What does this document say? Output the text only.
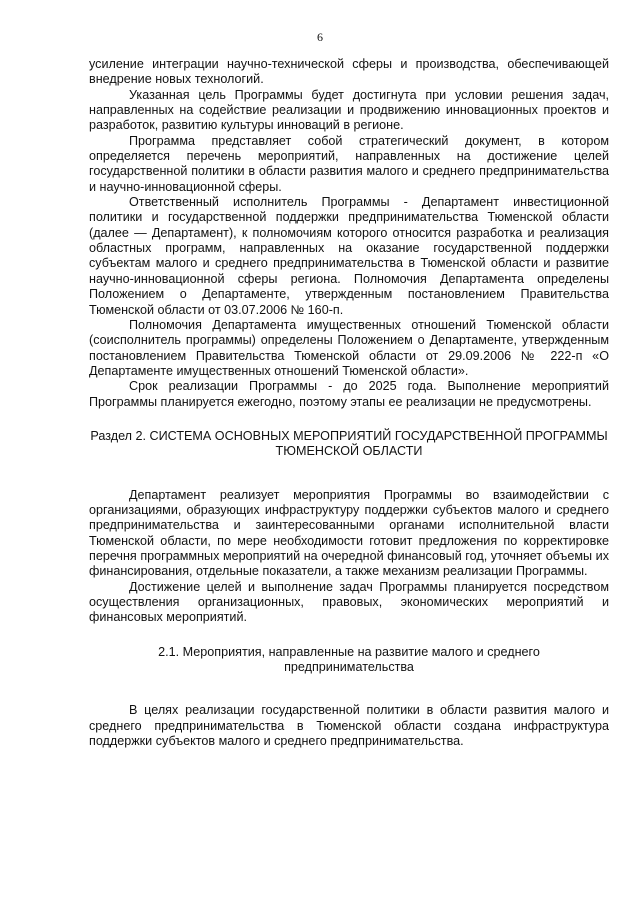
6

усиление интеграции научно-технической сферы и производства, обеспечивающей внедрение новых технологий.

Указанная цель Программы будет достигнута при условии решения задач, направленных на содействие реализации и продвижению инновационных проектов и разработок, развитию культуры инноваций в регионе.

Программа представляет собой стратегический документ, в котором определяется перечень мероприятий, направленных на достижение целей государственной политики в области развития малого и среднего предпринимательства и научно-инновационной сферы.

Ответственный исполнитель Программы - Департамент инвестиционной политики и государственной поддержки предпринимательства Тюменской области (далее — Департамент), к полномочиям которого относится разработка и реализация областных программ, направленных на оказание государственной поддержки субъектам малого и среднего предпринимательства в Тюменской области и развитие научно-инновационной сферы региона. Полномочия Департамента определены Положением о Департаменте, утвержденным постановлением Правительства Тюменской области от 03.07.2006 № 160-п.

Полномочия Департамента имущественных отношений Тюменской области (соисполнитель программы) определены Положением о Департаменте, утвержденным постановлением Правительства Тюменской области от 29.09.2006 № 222-п «О Департаменте имущественных отношений Тюменской области».

Срок реализации Программы - до 2025 года. Выполнение мероприятий Программы планируется ежегодно, поэтому этапы ее реализации не предусмотрены.

Раздел 2. СИСТЕМА ОСНОВНЫХ МЕРОПРИЯТИЙ ГОСУДАРСТВЕННОЙ ПРОГРАММЫ ТЮМЕНСКОЙ ОБЛАСТИ

Департамент реализует мероприятия Программы во взаимодействии с организациями, образующих инфраструктуру поддержки субъектов малого и среднего предпринимательства и заинтересованными органами исполнительной власти Тюменской области, по мере необходимости готовит предложения по корректировке перечня программных мероприятий на очередной финансовый год, уточняет объемы их финансирования, отдельные показатели, а также механизм реализации Программы.

Достижение целей и выполнение задач Программы планируется посредством осуществления организационных, правовых, экономических мероприятий и финансовых мероприятий.

2.1. Мероприятия, направленные на развитие малого и среднего предпринимательства

В целях реализации государственной политики в области развития малого и среднего предпринимательства в Тюменской области создана инфраструктура поддержки субъектов малого и среднего предпринимательства.
